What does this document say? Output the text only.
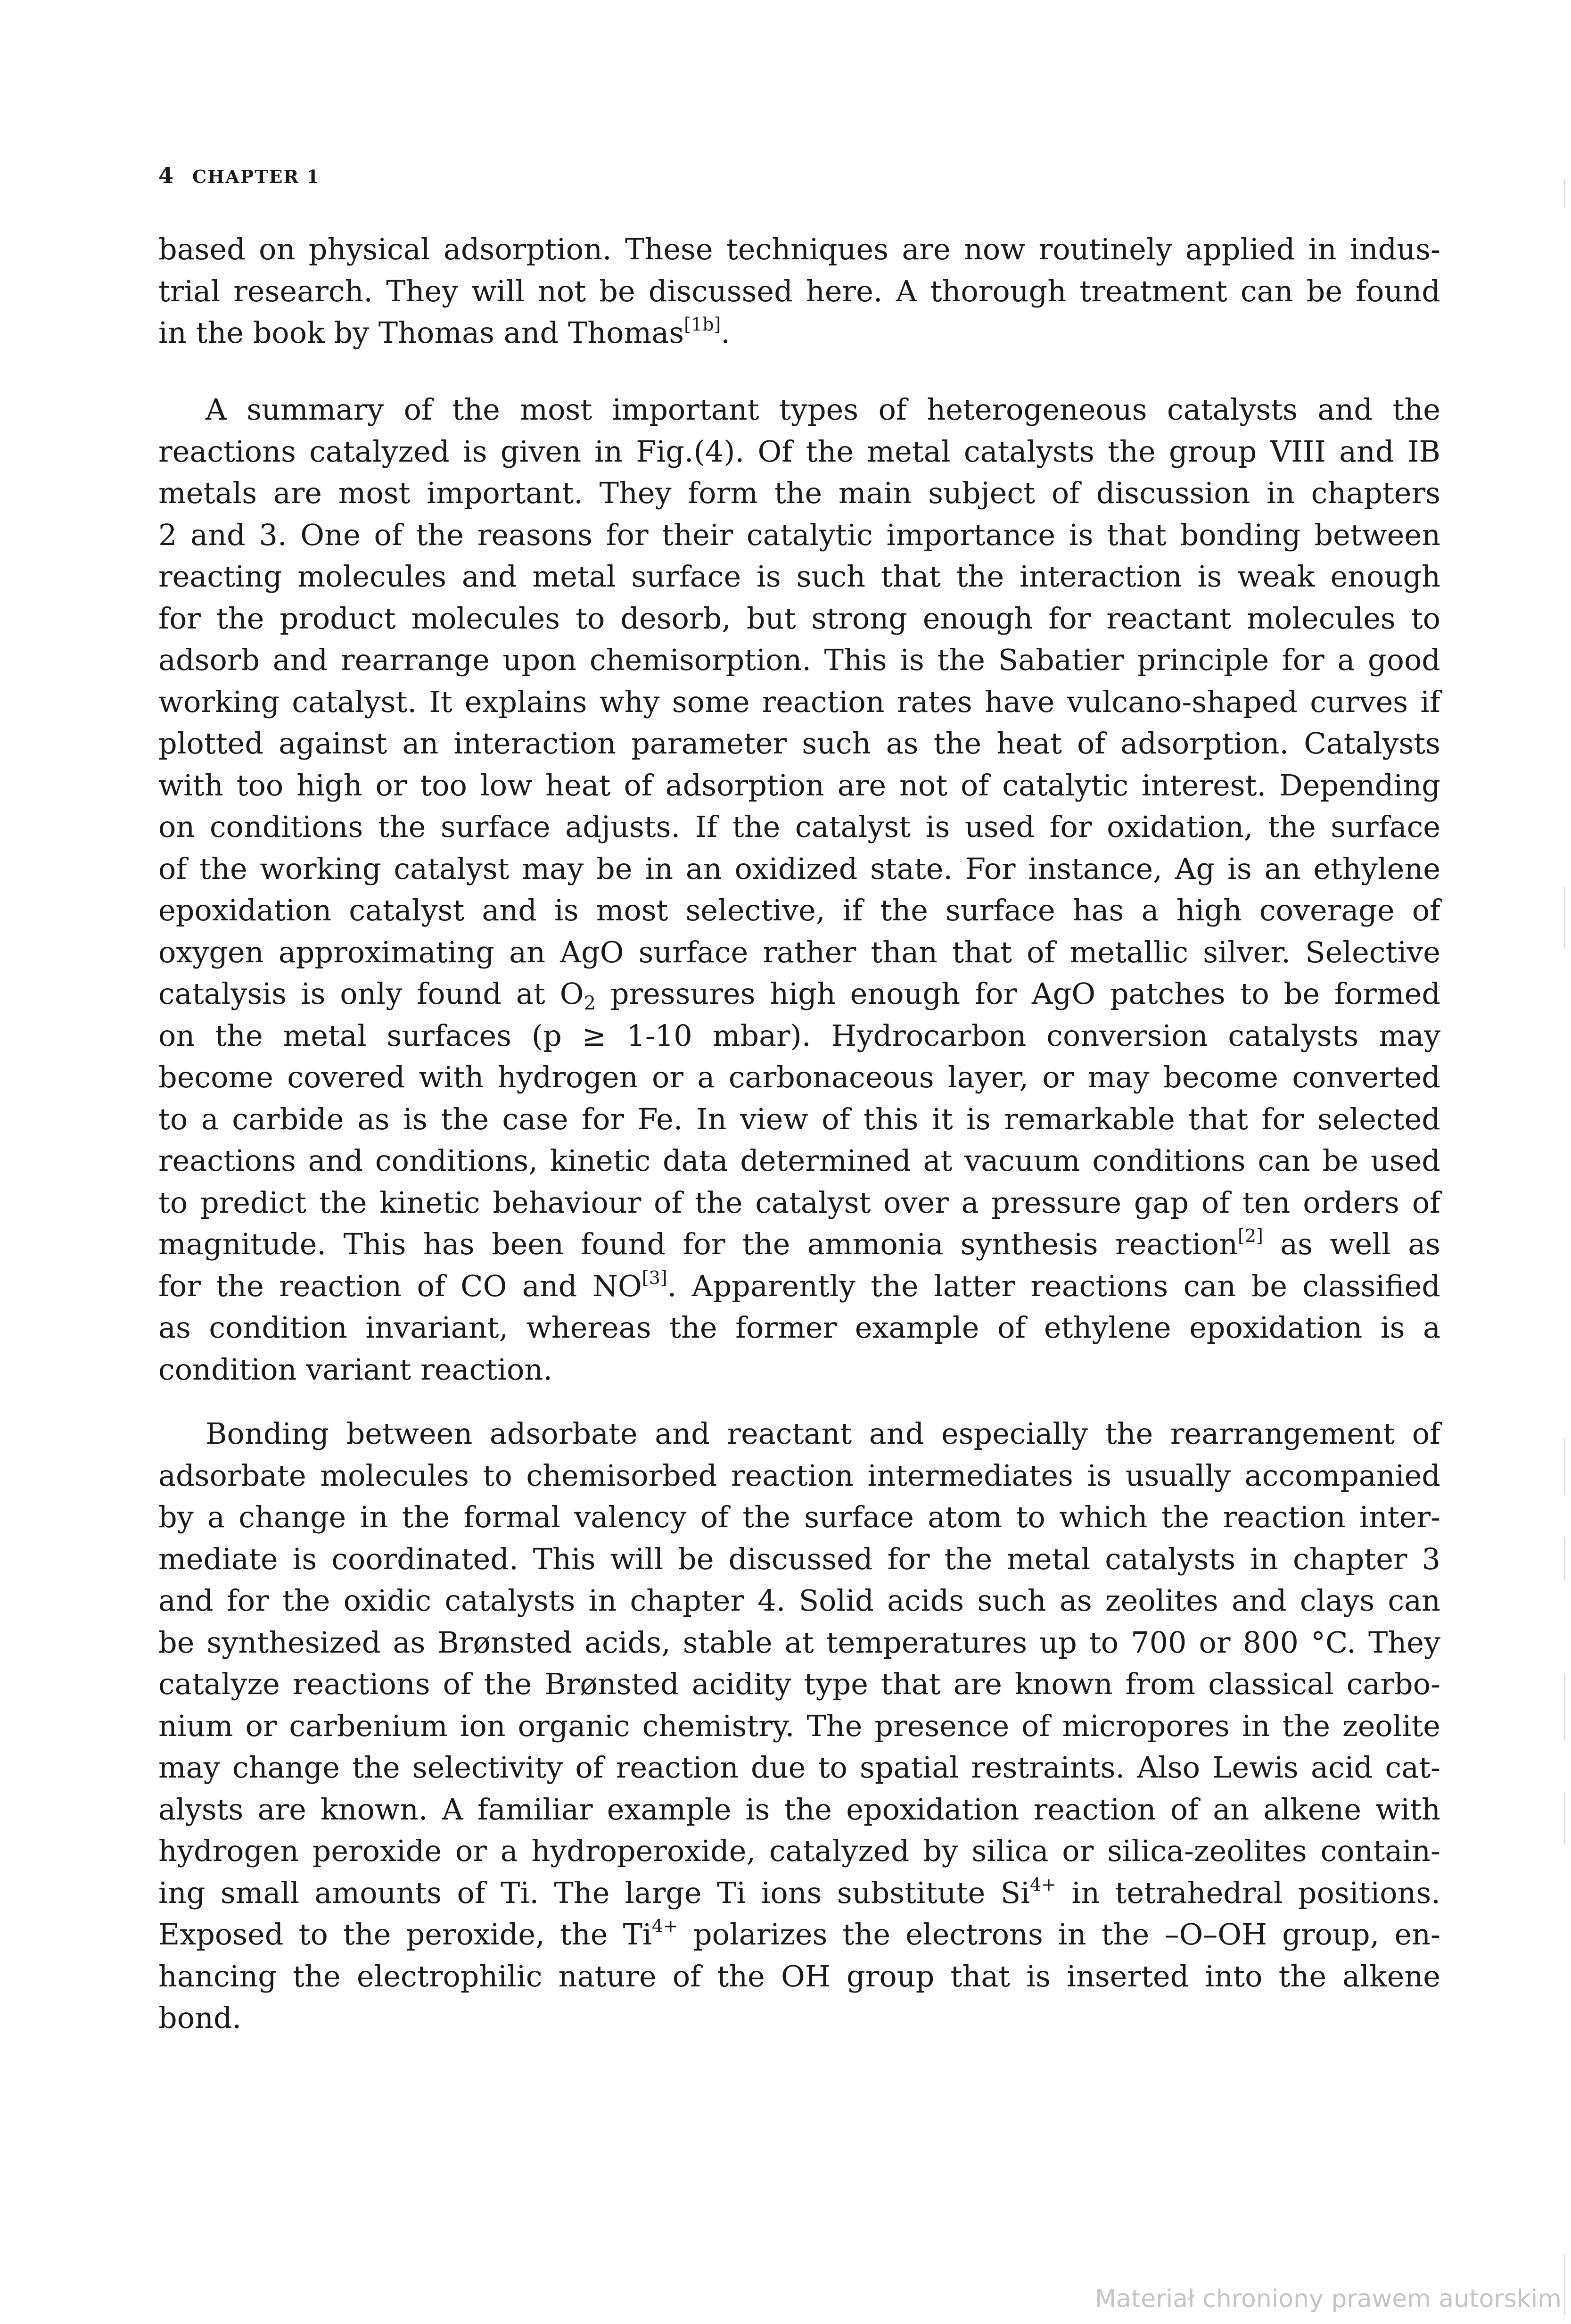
4 CHAPTER 1
based on physical adsorption. These techniques are now routinely applied in indus-
trial research. They will not be discussed here. A thorough treatment can be found
in the book by Thomas and Thomas[1b].
A summary of the most important types of heterogeneous catalysts and the
reactions catalyzed is given in Fig.(4). Of the metal catalysts the group VIII and IB
metals are most important. They form the main subject of discussion in chapters
2 and 3. One of the reasons for their catalytic importance is that bonding between
reacting molecules and metal surface is such that the interaction is weak enough
for the product molecules to desorb, but strong enough for reactant molecules to
adsorb and rearrange upon chemisorption. This is the Sabatier principle for a good
working catalyst. It explains why some reaction rates have vulcano-shaped curves if
plotted against an interaction parameter such as the heat of adsorption. Catalysts
with too high or too low heat of adsorption are not of catalytic interest. Depending
on conditions the surface adjusts. If the catalyst is used for oxidation, the surface
of the working catalyst may be in an oxidized state. For instance, Ag is an ethylene
epoxidation catalyst and is most selective, if the surface has a high coverage of
oxygen approximating an AgO surface rather than that of metallic silver. Selective
catalysis is only found at $O_2$ pressures high enough for AgO patches to be formed
on the metal surfaces (p ≥ 1-10 mbar). Hydrocarbon conversion catalysts may
become covered with hydrogen or a carbonaceous layer, or may become converted
to a carbide as is the case for Fe. In view of this it is remarkable that for selected
reactions and conditions, kinetic data determined at vacuum conditions can be used
to predict the kinetic behaviour of the catalyst over a pressure gap of ten orders of
magnitude. This has been found for the ammonia synthesis reaction[2] as well as
for the reaction of CO and NO[3]. Apparently the latter reactions can be classified
as condition invariant, whereas the former example of ethylene epoxidation is a
condition variant reaction.
Bonding between adsorbate and reactant and especially the rearrangement of
adsorbate molecules to chemisorbed reaction intermediates is usually accompanied
by a change in the formal valency of the surface atom to which the reaction inter-
mediate is coordinated. This will be discussed for the metal catalysts in chapter 3
and for the oxidic catalysts in chapter 4. Solid acids such as zeolites and clays can
be synthesized as Brønsted acids, stable at temperatures up to 700 or 800 °C. They
catalyze reactions of the Brønsted acidity type that are known from classical carbo-
nium or carbenium ion organic chemistry. The presence of micropores in the zeolite
may change the selectivity of reaction due to spatial restraints. Also Lewis acid cat-
alysts are known. A familiar example is the epoxidation reaction of an alkene with
hydrogen peroxide or a hydroperoxide, catalyzed by silica or silica-zeolites contain-
ing small amounts of Ti. The large Ti ions substitute $Si^{4+}$ in tetrahedral positions.
Exposed to the peroxide, the $Ti^{4+}$ polarizes the electrons in the –O–OH group, en-
hancing the electrophilic nature of the OH group that is inserted into the alkene
bond.
Materiał chroniony prawem autorskim
